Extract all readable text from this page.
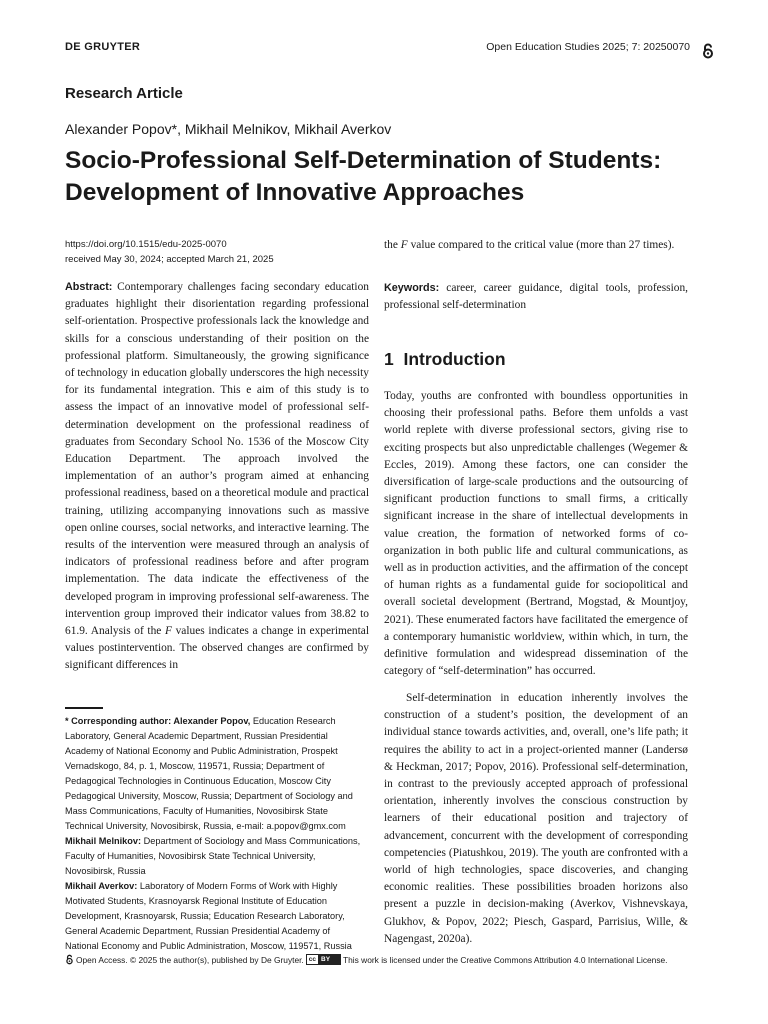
DE GRUYTER	Open Education Studies 2025; 7: 20250070
Research Article
Alexander Popov*, Mikhail Melnikov, Mikhail Averkov
Socio-Professional Self-Determination of Students: Development of Innovative Approaches
https://doi.org/10.1515/edu-2025-0070
received May 30, 2024; accepted March 21, 2025
Abstract: Contemporary challenges facing secondary education graduates highlight their disorientation regarding professional self-orientation. Prospective professionals lack the knowledge and skills for a conscious understanding of their position on the professional platform. Simultaneously, the growing significance of technology in education globally underscores the high necessity for its fundamental integration. This e aim of this study is to assess the impact of an innovative model of professional self-determination development on the professional readiness of graduates from Secondary School No. 1536 of the Moscow City Education Department. The approach involved the implementation of an author’s program aimed at enhancing professional readiness, based on a theoretical module and practical training, utilizing accompanying innovations such as massive open online courses, social networks, and interactive learning. The results of the intervention were measured through an analysis of indicators of professional readiness before and after program implementation. The data indicate the effectiveness of the developed program in improving professional self-awareness. The intervention group improved their indicator values from 38.82 to 61.9. Analysis of the F values indicates a change in experimental values postintervention. The observed changes are confirmed by significant differences in
the F value compared to the critical value (more than 27 times).
Keywords: career, career guidance, digital tools, profession, professional self-determination
1 Introduction

Today, youths are confronted with boundless opportunities in choosing their professional paths. Before them unfolds a vast world replete with diverse professional sectors, giving rise to exciting prospects but also unpredictable challenges (Wegemer & Eccles, 2019). Among these factors, one can consider the diversification of large-scale productions and the outsourcing of significant production functions to small firms, a critically significant increase in the share of intellectual developments in value creation, the formation of networked forms of co-organization in both public life and cultural communications, as well as in production activities, and the affirmation of the concept of human rights as a fundamental guide for sociopolitical and overall societal development (Bertrand, Mogstad, & Mountjoy, 2021). These enumerated factors have facilitated the emergence of a contemporary humanistic worldview, within which, in turn, the definitive formulation and widespread dissemination of the category of “self-determination” has occurred.

Self-determination in education inherently involves the construction of a student’s position, the development of an individual stance towards activities, and, overall, one’s life path; it requires the ability to act in a project-oriented manner (Landersø & Heckman, 2017; Popov, 2016). Professional self-determination, in contrast to the previously accepted approach of professional orientation, inherently involves the conscious construction by learners of their educational position and trajectory of advancement, concurrent with the development of corresponding competencies (Piatushkou, 2019). The youth are confronted with a world of high technologies, space discoveries, and changing economic realities. These possibilities broaden horizons also present a puzzle in decision-making (Averkov, Vishnevskaya, Glukhov, & Popov, 2022; Piesch, Gaspard, Parrisius, Wille, & Nagengast, 2020a).

* Corresponding author: Alexander Popov, Education Research Laboratory, General Academic Department, Russian Presidential Academy of National Economy and Public Administration, Prospekt Vernadskogo, 84, p. 1, Moscow, 119571, Russia; Department of Pedagogical Technologies in Continuous Education, Moscow City Pedagogical University, Moscow, Russia; Department of Sociology and Mass Communications, Faculty of Humanities, Novosibirsk State Technical University, Novosibirsk, Russia, e-mail: a.popov@gmx.com

Mikhail Melnikov: Department of Sociology and Mass Communications, Faculty of Humanities, Novosibirsk State Technical University, Novosibirsk, Russia

Mikhail Averkov: Laboratory of Modern Forms of Work with Highly Motivated Students, Krasnoyarsk Regional Institute of Education Development, Krasnoyarsk, Russia; Education Research Laboratory, General Academic Department, Russian Presidential Academy of National Economy and Public Administration, Moscow, 119571, Russia

Open Access. © 2025 the author(s), published by De Gruyter. cc BY	This work is licensed under the Creative Commons Attribution 4.0 International License.
